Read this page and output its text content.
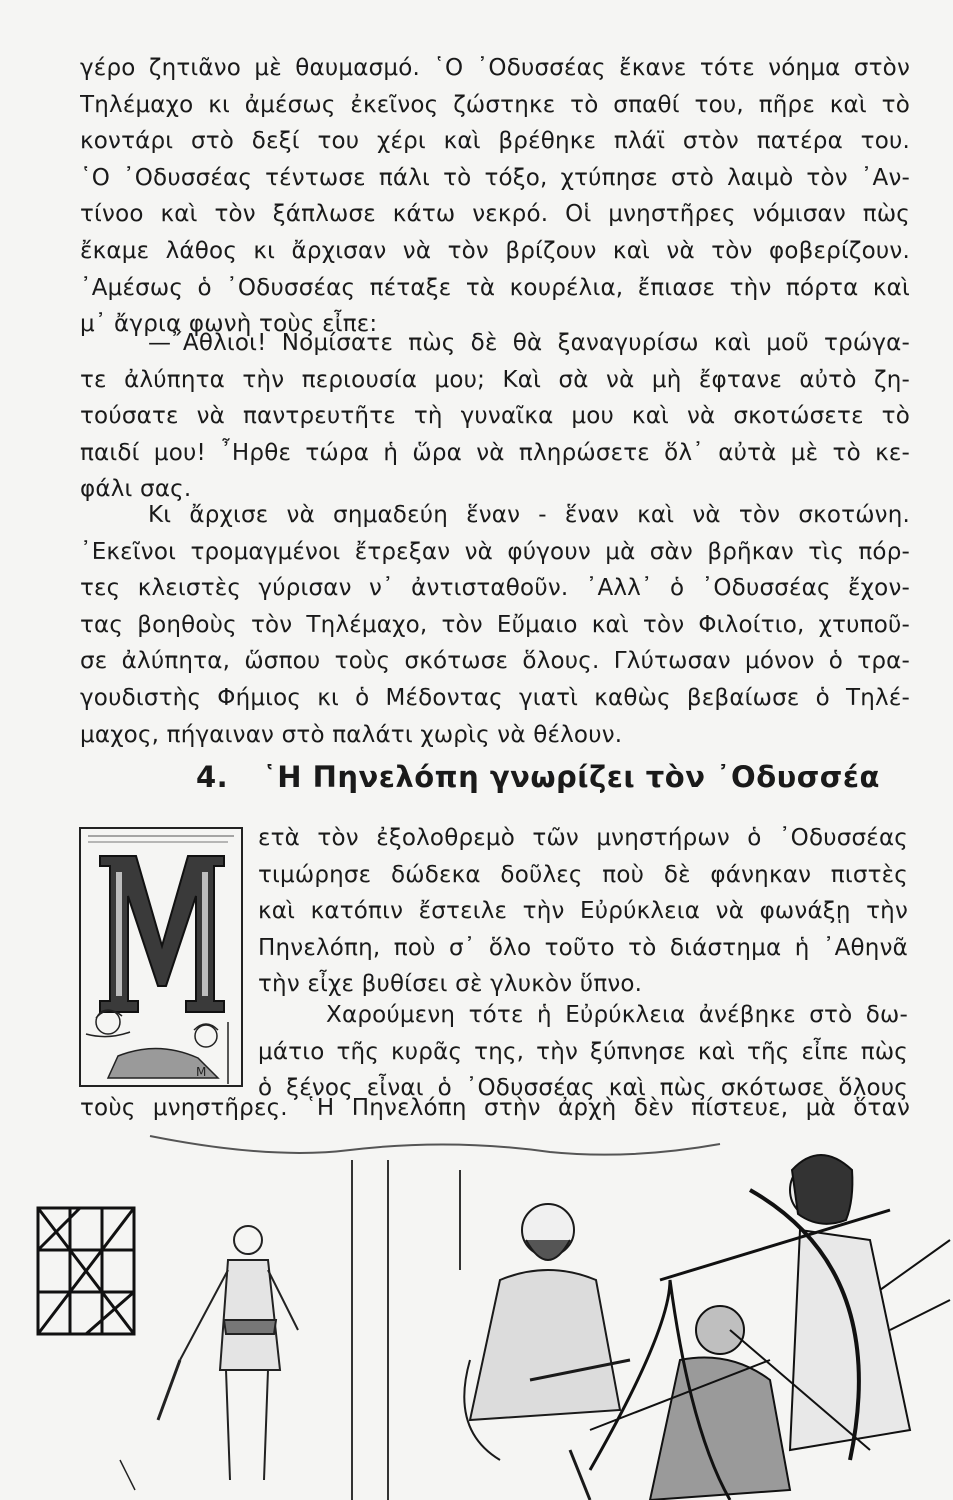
γέρο ζητιᾶνο μὲ θαυμασμό. ῾Ο ᾿Οδυσσέας ἔκανε τότε νόημα στὸν
Τηλέμαχο κι ἀμέσως ἐκεῖνος ζώστηκε τὸ σπαθί του, πῆρε καὶ τὸ
κοντάρι στὸ δεξί του χέρι καὶ βρέθηκε πλάϊ στὸν πατέρα του.
῾Ο ᾿Οδυσσέας τέντωσε πάλι τὸ τόξο, χτύπησε στὸ λαιμὸ τὸν ᾿Αν-
τίνοο καὶ τὸν ξάπλωσε κάτω νεκρό. Οἱ μνηστῆρες νόμισαν πὼς
ἔκαμε λάθος κι ἄρχισαν νὰ τὸν βρίζουν καὶ νὰ τὸν φοβερίζουν.
᾿Αμέσως ὁ ᾿Οδυσσέας πέταξε τὰ κουρέλια, ἔπιασε τὴν πόρτα καὶ
μ᾿ ἄγρια φωνὴ τοὺς εἶπε:
—῎Αθλιοι! Νομίσατε πὼς δὲ θὰ ξαναγυρίσω καὶ μοῦ τρώγα-
τε ἀλύπητα τὴν περιουσία μου; Καὶ σὰ νὰ μὴ ἔφτανε αὐτὸ ζη-
τούσατε νὰ παντρευτῆτε τὴ γυναῖκα μου καὶ νὰ σκοτώσετε τὸ
παιδί μου! ῏Ηρθε τώρα ἡ ὥρα νὰ πληρώσετε ὅλ᾿ αὐτὰ μὲ τὸ κε-
φάλι σας.
Κι ἄρχισε νὰ σημαδεύη ἕναν - ἕναν καὶ νὰ τὸν σκοτώνη.
᾿Εκεῖνοι τρομαγμένοι ἔτρεξαν νὰ φύγουν μὰ σὰν βρῆκαν τὶς πόρ-
τες κλειστὲς γύρισαν ν᾿ ἀντισταθοῦν. ᾿Αλλ᾿ ὁ ᾿Οδυσσέας ἔχον-
τας βοηθοὺς τὸν Τηλέμαχο, τὸν Εὔμαιο καὶ τὸν Φιλοίτιο, χτυποῦ-
σε ἀλύπητα, ὥσπου τοὺς σκότωσε ὅλους. Γλύτωσαν μόνον ὁ τρα-
γουδιστὴς Φήμιος κι ὁ Μέδοντας γιατὶ καθὼς βεβαίωσε ὁ Τηλέ-
μαχος, πήγαιναν στὸ παλάτι χωρὶς νὰ θέλουν.
4. ῾Η Πηνελόπη γνωρίζει τὸν ᾿Οδυσσέα
M
ετὰ τὸν ἐξολοθρεμὸ τῶν μνηστήρων ὁ ᾿Οδυσσέας
τιμώρησε δώδεκα δοῦλες ποὺ δὲ φάνηκαν πιστὲς
καὶ κατόπιν ἔστειλε τὴν Εὐρύκλεια νὰ φωνάξῃ τὴν
Πηνελόπη, ποὺ σ᾿ ὅλο τοῦτο τὸ διάστημα ἡ ᾿Αθηνᾶ
τὴν εἶχε βυθίσει σὲ γλυκὸν ὕπνο.
Χαρούμενη τότε ἡ Εὐρύκλεια ἀνέβηκε στὸ δω-
μάτιο τῆς κυρᾶς της, τὴν ξύπνησε καὶ τῆς εἶπε πὼς
ὁ ξένος εἶναι ὁ ᾿Οδυσσέας καὶ πὼς σκότωσε ὅλους
τοὺς μνηστῆρες. ῾Η Πηνελόπη στὴν ἀρχὴ δὲν πίστευε, μὰ ὅταν
